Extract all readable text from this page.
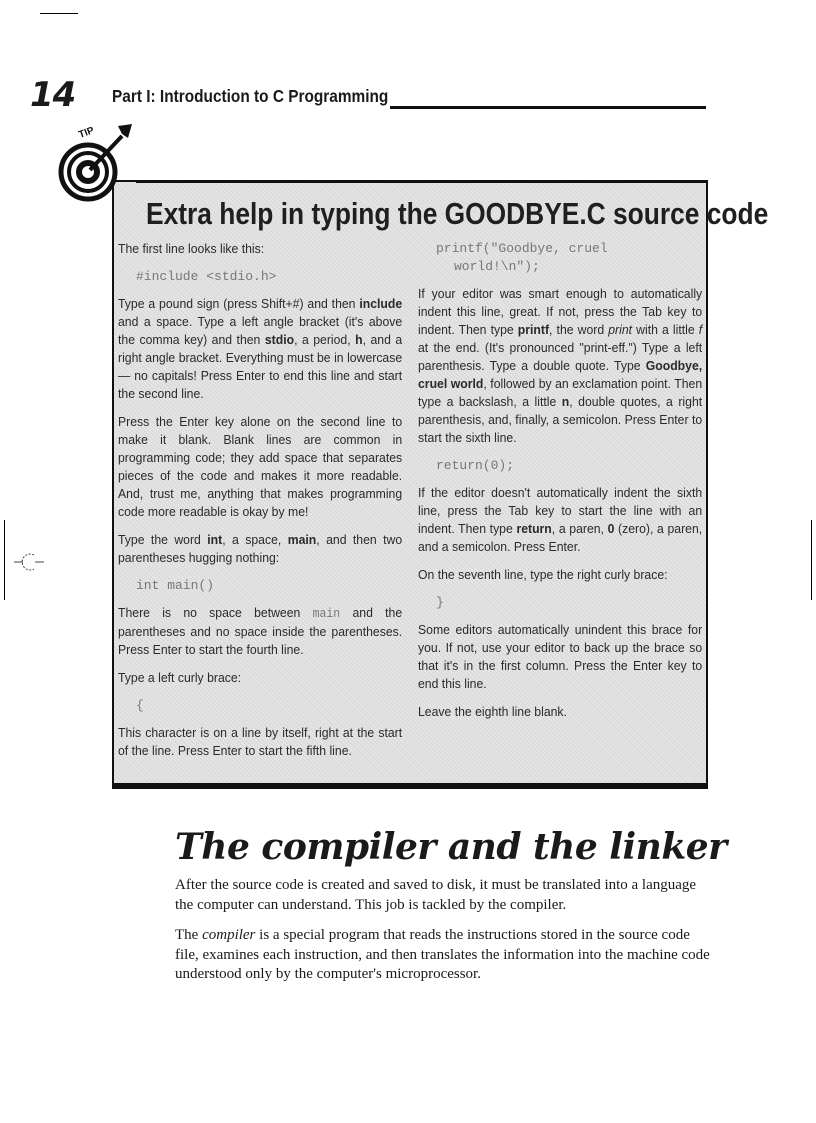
14 Part I: Introduction to C Programming
TIP
Extra help in typing the GOODBYE.C source code

The first line looks like this:

#include <stdio.h>

Type a pound sign (press Shift+#) and then include and a space. Type a left angle bracket (it's above the comma key) and then stdio, a period, h, and a right angle bracket. Everything must be in lowercase — no capitals! Press Enter to end this line and start the second line.

Press the Enter key alone on the second line to make it blank. Blank lines are common in programming code; they add space that separates pieces of the code and makes it more readable. And, trust me, anything that makes programming code more readable is okay by me!

Type the word int, a space, main, and then two parentheses hugging nothing:

int main()

There is no space between main and the parentheses and no space inside the parentheses. Press Enter to start the fourth line.

Type a left curly brace:

{

This character is on a line by itself, right at the start of the line. Press Enter to start the fifth line.

printf("Goodbye, cruel
world!\n");

If your editor was smart enough to automatically indent this line, great. If not, press the Tab key to indent. Then type printf, the word print with a little f at the end. (It's pronounced "print-eff.") Type a left parenthesis. Type a double quote. Type Goodbye, cruel world, followed by an exclamation point. Then type a backslash, a little n, double quotes, a right parenthesis, and, finally, a semicolon. Press Enter to start the sixth line.

return(0);

If the editor doesn't automatically indent the sixth line, press the Tab key to start the line with an indent. Then type return, a paren, 0 (zero), a paren, and a semicolon. Press Enter.

On the seventh line, type the right curly brace:

}

Some editors automatically unindent this brace for you. If not, use your editor to back up the brace so that it's in the first column. Press the Enter key to end this line.

Leave the eighth line blank.

The compiler and the linker

After the source code is created and saved to disk, it must be translated into a language the computer can understand. This job is tackled by the compiler.

The compiler is a special program that reads the instructions stored in the source code file, examines each instruction, and then translates the information into the machine code understood only by the computer's microprocessor.
